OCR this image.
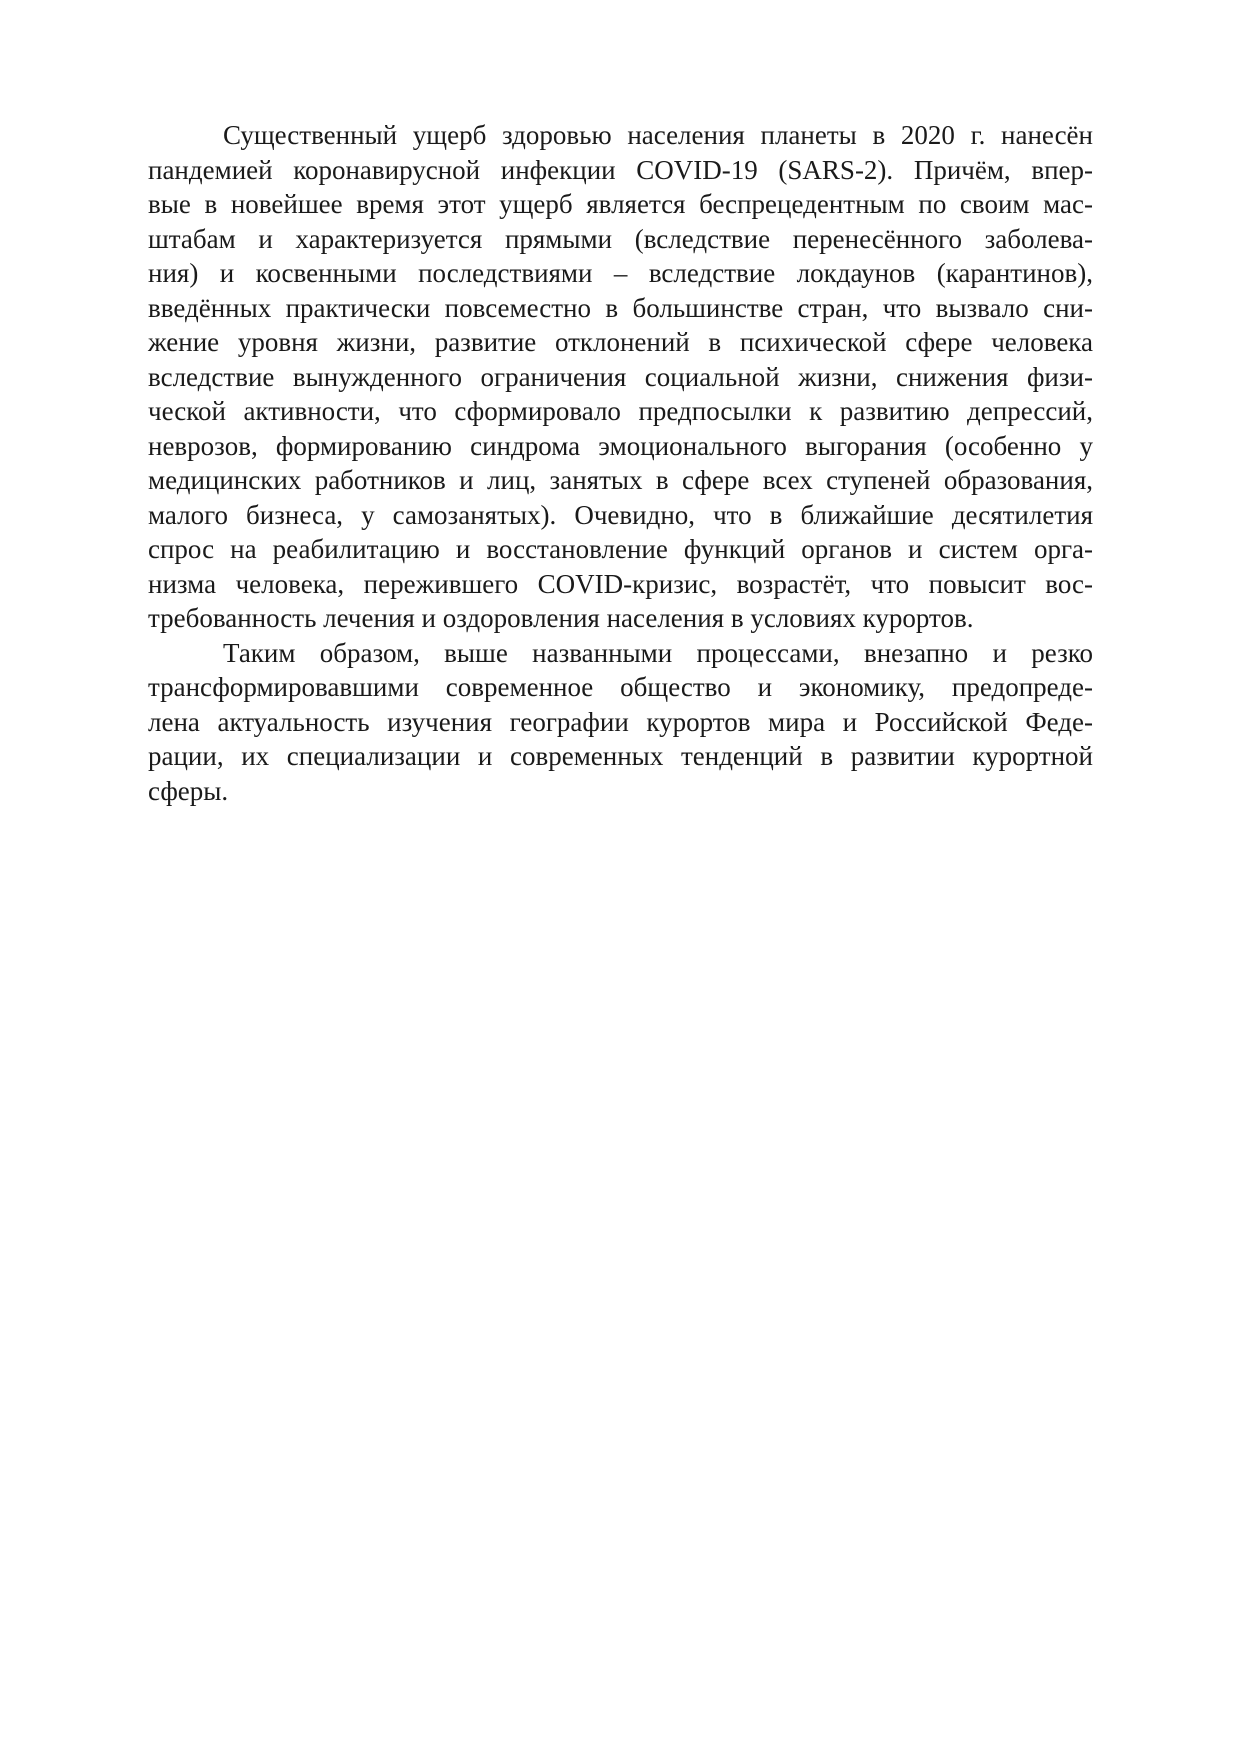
Существенный ущерб здоровью населения планеты в 2020 г. нанесён
пандемией коронавирусной инфекции COVID-19 (SARS-2). Причём, впер-
вые в новейшее время этот ущерб является беспрецедентным по своим мас-
штабам и характеризуется прямыми (вследствие перенесённого заболева-
ния) и косвенными последствиями – вследствие локдаунов (карантинов),
введённых практически повсеместно в большинстве стран, что вызвало сни-
жение уровня жизни, развитие отклонений в психической сфере человека
вследствие вынужденного ограничения социальной жизни, снижения физи-
ческой активности, что сформировало предпосылки к развитию депрессий,
неврозов, формированию синдрома эмоционального выгорания (особенно у
медицинских работников и лиц, занятых в сфере всех ступеней образования,
малого бизнеса, у самозанятых). Очевидно, что в ближайшие десятилетия
спрос на реабилитацию и восстановление функций органов и систем орга-
низма человека, пережившего COVID-кризис, возрастёт, что повысит вос-
требованность лечения и оздоровления населения в условиях курортов.
Таким образом, выше названными процессами, внезапно и резко
трансформировавшими современное общество и экономику, предопреде-
лена актуальность изучения географии курортов мира и Российской Феде-
рации, их специализации и современных тенденций в развитии курортной
сферы.
